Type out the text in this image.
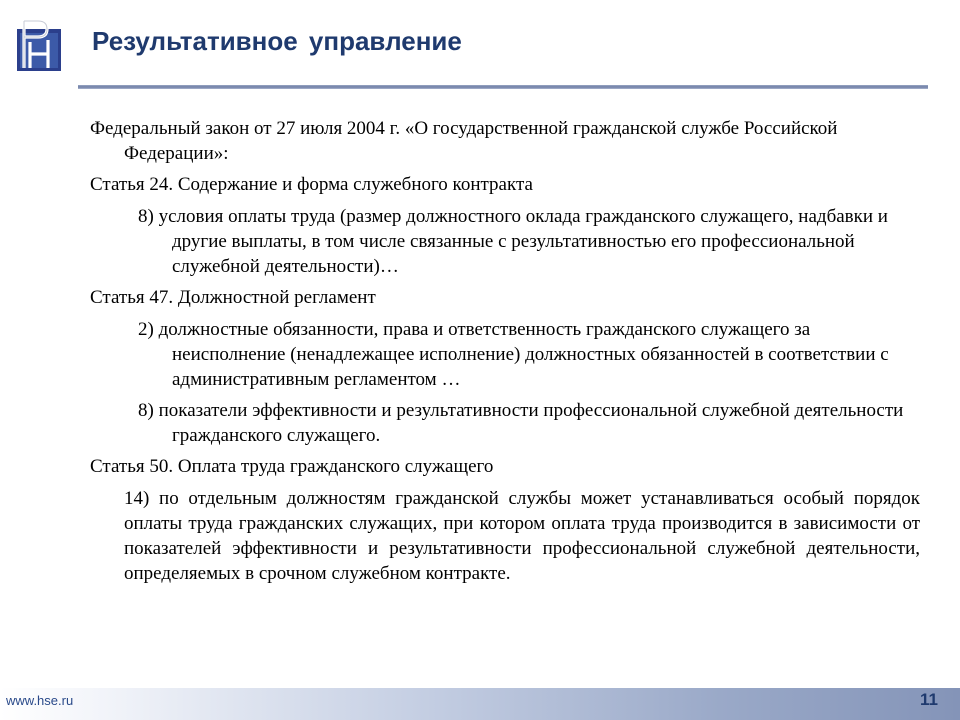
Результативное управление

Федеральный закон от 27 июля 2004 г. «О государственной гражданской службе Российской Федерации»:

Статья 24. Содержание и форма служебного контракта

8) условия оплаты труда (размер должностного оклада гражданского служащего, надбавки и другие выплаты, в том числе связанные с результативностью его профессиональной служебной деятельности)…

Статья 47. Должностной регламент

2) должностные обязанности, права и ответственность гражданского служащего за неисполнение (ненадлежащее исполнение) должностных обязанностей в соответствии с административным регламентом …

8) показатели эффективности и результативности профессиональной служебной деятельности гражданского служащего.

Статья 50. Оплата труда гражданского служащего

14) по отдельным должностям гражданской службы может устанавливаться особый порядок оплаты труда гражданских служащих, при котором оплата труда производится в зависимости от показателей эффективности и результативности профессиональной служебной деятельности, определяемых в срочном служебном контракте.

www.hse.ru	11
